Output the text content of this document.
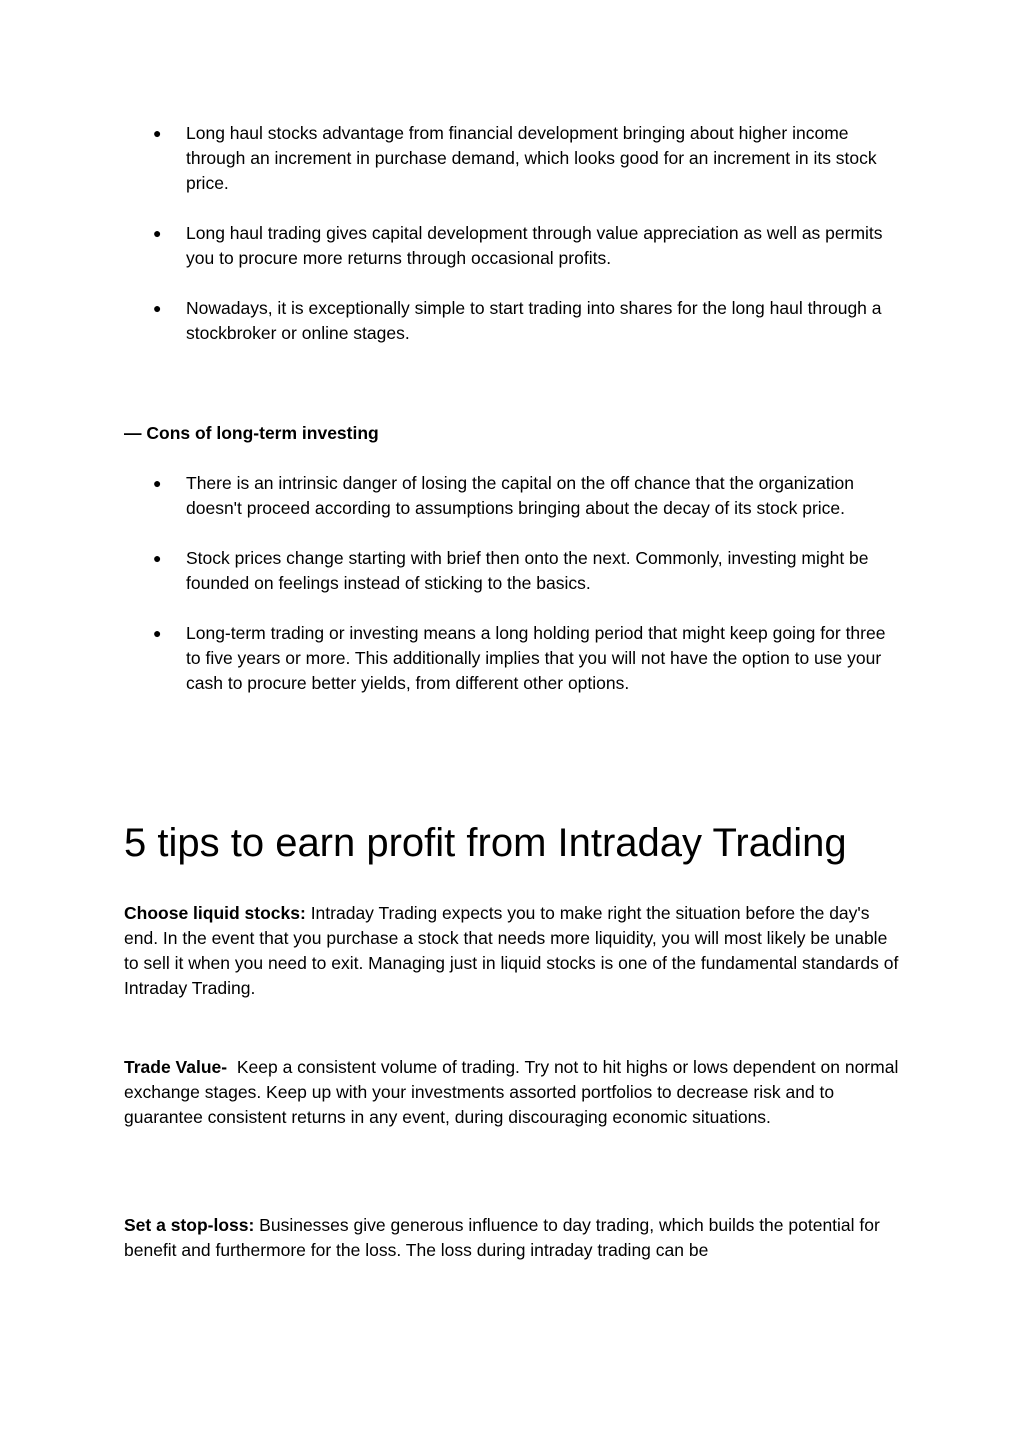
● Long haul stocks advantage from financial development bringing about higher income through an increment in purchase demand, which looks good for an increment in its stock price.
● Long haul trading gives capital development through value appreciation as well as permits you to procure more returns through occasional profits.
● Nowadays, it is exceptionally simple to start trading into shares for the long haul through a stockbroker or online stages.

— Cons of long-term investing

● There is an intrinsic danger of losing the capital on the off chance that the organization doesn't proceed according to assumptions bringing about the decay of its stock price.
● Stock prices change starting with brief then onto the next. Commonly, investing might be founded on feelings instead of sticking to the basics.
● Long-term trading or investing means a long holding period that might keep going for three to five years or more. This additionally implies that you will not have the option to use your cash to procure better yields, from different other options.
5 tips to earn profit from Intraday Trading

Choose liquid stocks: Intraday Trading expects you to make right the situation before the day's end. In the event that you purchase a stock that needs more liquidity, you will most likely be unable to sell it when you need to exit. Managing just in liquid stocks is one of the fundamental standards of Intraday Trading.

Trade Value-  Keep a consistent volume of trading. Try not to hit highs or lows dependent on normal exchange stages. Keep up with your investments assorted portfolios to decrease risk and to guarantee consistent returns in any event, during discouraging economic situations.

Set a stop-loss: Businesses give generous influence to day trading, which builds the potential for benefit and furthermore for the loss. The loss during intraday trading can be
